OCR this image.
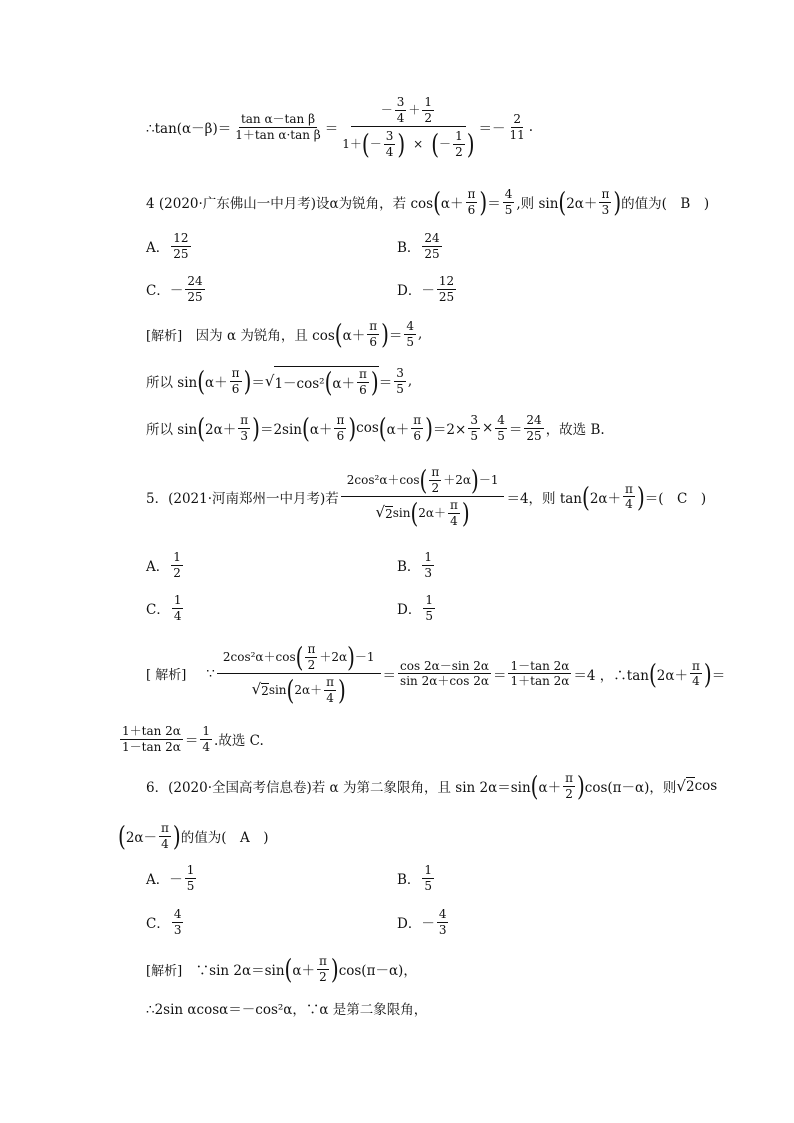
∴tan(α－β)＝ $\frac{\text{tan α－tan β}}{\text{1＋tan α·tan β}}$ ＝
－ $\frac{3}{4} + \frac{1}{2}$
1＋ ( － $\frac{3}{4}$ ) × ( － $\frac{1}{2}$ ) ＝－ $\frac{2}{11}$ .
4 (2020·广东佛山一中月考)设α为锐角，若 cos ( $\alpha+ \frac{\pi}{6}$ ) ＝ $\frac{4}{5}$ ,则 sin ( $2\alpha+ \frac{\pi}{3}$ ) 的值为(　B　)
A． $\frac{12}{25}$	B． $\frac{24}{25}$
C． － $\frac{24}{25}$	D． － $\frac{12}{25}$
[解析] 　因为 α 为锐角，且 cos ( $\alpha+ \frac{\pi}{6}$ ) ＝ $\frac{4}{5}$ ,
所以 sin ( $\alpha+ \frac{\pi}{6}$ ) ＝ √ 1－cos² ( $\alpha+ \frac{\pi}{6}$ ) ＝ $\frac{3}{5}$ ,
所以 sin ( $2\alpha+ \frac{\pi}{3}$ ) ＝2sin ( $\alpha+ \frac{\pi}{6}$ ) cos ( $\alpha+ \frac{\pi}{6}$ ) $=2\times \frac{3}{5} \times \frac{4}{5} = \frac{24}{25}$ ，故选 B.
5．(2021·河南郑州一中月考)若 $\frac{2\cos^2\alpha+\cos ( \frac{\pi}{2} +2\alpha ) -1}{√ 2 \sin ( 2\alpha+ \frac{\pi}{4} )} =4$，则 tan ( $2\alpha+ \frac{\pi}{4}$ ) ＝(　C　)
A． $\frac{1}{2}$	B． $\frac{1}{3}$
C． $\frac{1}{4}$	D． $\frac{1}{5}$
[ 解析] ∵ $\frac{2\cos^2\alpha+\cos ( \frac{\pi}{2} +2\alpha ) -1}{√ 2 \sin ( 2\alpha+ \frac{\pi}{4} )} = \frac{\cos 2\alpha-\sin 2\alpha}{\sin 2\alpha+\cos 2\alpha} = \frac{1-\tan 2\alpha}{1+\tan 2\alpha} =4$ ，∴tan ( $2\alpha+ \frac{\pi}{4}$ ) ＝
$\frac{1+\tan 2\alpha}{1-\tan 2\alpha} = \frac{1}{4}$ .故选 C.
6．(2020·全国高考信息卷)若 α 为第二象限角，且 sin 2α＝sin ( $\alpha+ \frac{\pi}{2}$ ) cos(π－α)，则 √ 2 cos
( $2\alpha- \frac{\pi}{4}$ ) 的值为(　A　)
A． － $\frac{1}{5}$	B． $\frac{1}{5}$
C． $\frac{4}{3}$	D． － $\frac{4}{3}$
[解析] 　∵sin 2α＝sin ( $\alpha+ \frac{\pi}{2}$ ) cos(π－α)，
∴2sin αcosα＝－cos²α，∵α 是第二象限角，
